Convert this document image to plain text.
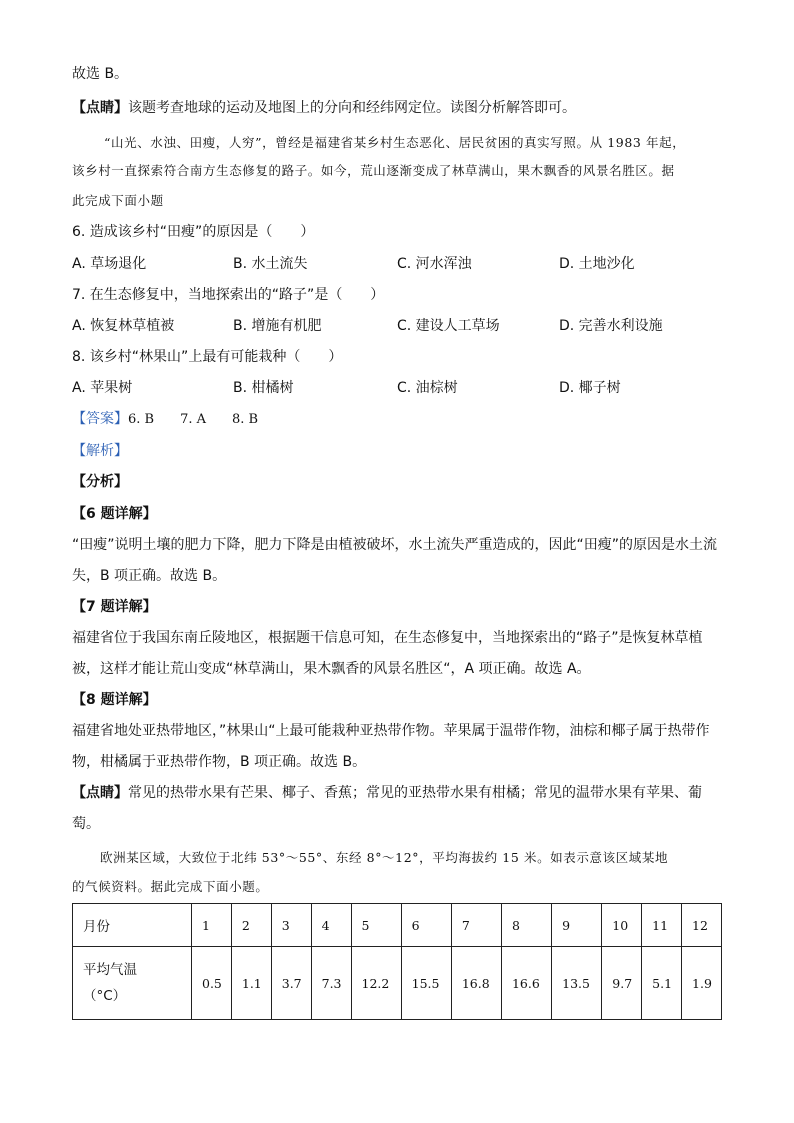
故选 B。
【点睛】该题考查地球的运动及地图上的分向和经纬网定位。读图分析解答即可。
“山光、水浊、田瘦，人穷”，曾经是福建省某乡村生态恶化、居民贫困的真实写照。从 1983 年起，
该乡村一直探索符合南方生态修复的路子。如今，荒山逐渐变成了林草满山，果木飘香的风景名胜区。据
此完成下面小题
6. 造成该乡村“田瘦”的原因是（　　）
A. 草场退化	B. 水土流失	C. 河水浑浊	D. 土地沙化
7. 在生态修复中，当地探索出的“路子”是（　　）
A. 恢复林草植被	B. 增施有机肥	C. 建设人工草场	D. 完善水利设施
8. 该乡村“林果山”上最有可能栽种（　　）
A. 苹果树	B. 柑橘树	C. 油棕树	D. 椰子树
【答案】6. B　　7. A　　8. B
【解析】
【分析】
【6 题详解】
“田瘦”说明土壤的肥力下降，肥力下降是由植被破坏，水土流失严重造成的，因此“田瘦”的原因是水土流
失，B 项正确。故选 B。
【7 题详解】
福建省位于我国东南丘陵地区，根据题干信息可知，在生态修复中，当地探索出的“路子”是恢复林草植
被，这样才能让荒山变成“林草满山，果木飘香的风景名胜区“，A 项正确。故选 A。
【8 题详解】
福建省地处亚热带地区，”林果山“上最可能栽种亚热带作物。苹果属于温带作物，油棕和椰子属于热带作
物，柑橘属于亚热带作物，B 项正确。故选 B。
【点睛】常见的热带水果有芒果、椰子、香蕉；常见的亚热带水果有柑橘；常见的温带水果有苹果、葡
萄。
欧洲某区域，大致位于北纬 53°～55°、东经 8°～12°，平均海拔约 15 米。如表示意该区域某地
的气候资料。据此完成下面小题。
月份	1	2	3	4	5	6	7	8	9	10	11	12

平均气温
（°C）	0.5	1.1	3.7	7.3	12.2	15.5	16.8	16.6	13.5	9.7	5.1	1.9
